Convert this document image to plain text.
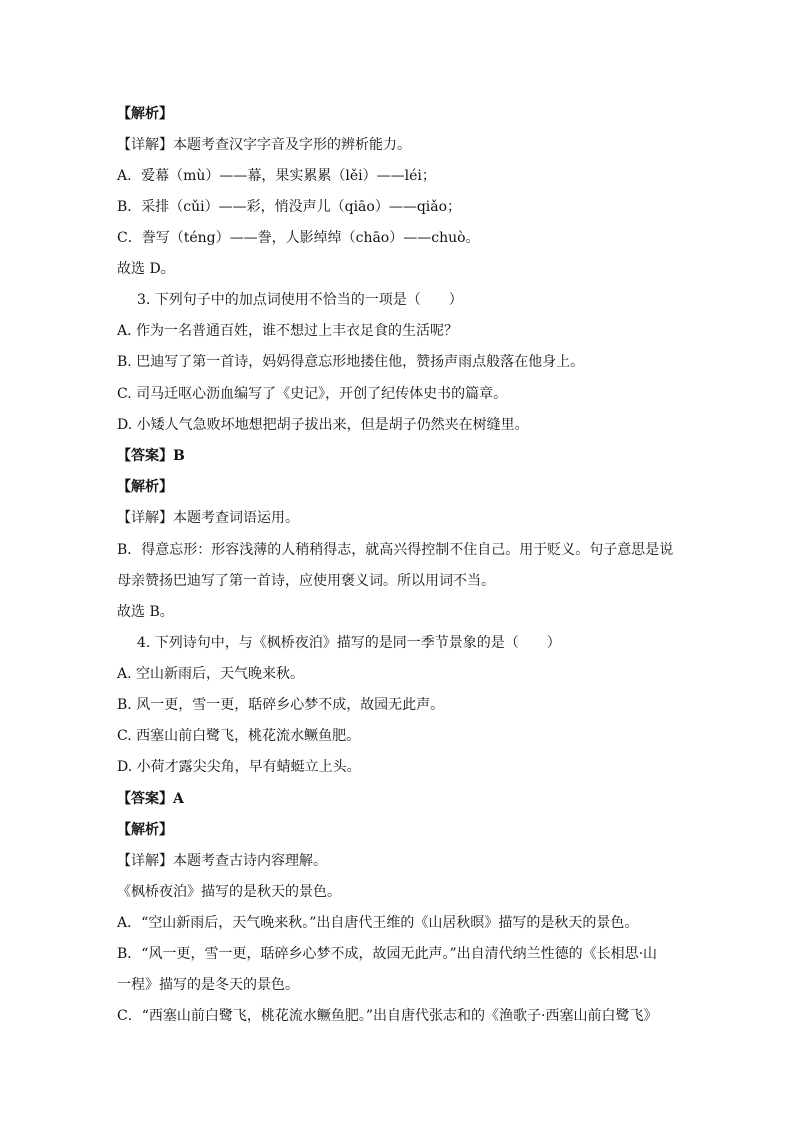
【解析】
【详解】本题考查汉字字音及字形的辨析能力。
A．爱幕（mù）——幕，果实累累（lěi）——léi；
B．采排（cǔi）——彩，悄没声儿（qiāo）——qiǎo；
C．誊写（téng）——誊，人影绰绰（chāo）——chuò。
故选 D。
3. 下列句子中的加点词使用不恰当的一项是（　　）
A. 作为一名普通百姓，谁不想过上丰衣足食的生活呢？
B. 巴迪写了第一首诗，妈妈得意忘形地搂住他，赞扬声雨点般落在他身上。
C. 司马迁呕心沥血编写了《史记》，开创了纪传体史书的篇章。
D. 小矮人气急败坏地想把胡子拔出来，但是胡子仍然夹在树缝里。
【答案】B
【解析】
【详解】本题考查词语运用。
B．得意忘形：形容浅薄的人稍稍得志，就高兴得控制不住自己。用于贬义。句子意思是说
母亲赞扬巴迪写了第一首诗，应使用褒义词。所以用词不当。
故选 B。
4. 下列诗句中，与《枫桥夜泊》描写的是同一季节景象的是（　　）
A. 空山新雨后，天气晚来秋。
B. 风一更，雪一更，聒碎乡心梦不成，故园无此声。
C. 西塞山前白鹭飞，桃花流水鳜鱼肥。
D. 小荷才露尖尖角，早有蜻蜓立上头。
【答案】A
【解析】
【详解】本题考查古诗内容理解。
《枫桥夜泊》描写的是秋天的景色。
A．“空山新雨后，天气晚来秋。”出自唐代王维的《山居秋暝》描写的是秋天的景色。
B．“风一更，雪一更，聒碎乡心梦不成，故园无此声。”出自清代纳兰性德的《长相思·山
一程》描写的是冬天的景色。
C．“西塞山前白鹭飞，桃花流水鳜鱼肥。”出自唐代张志和的《渔歌子·西塞山前白鹭飞》
